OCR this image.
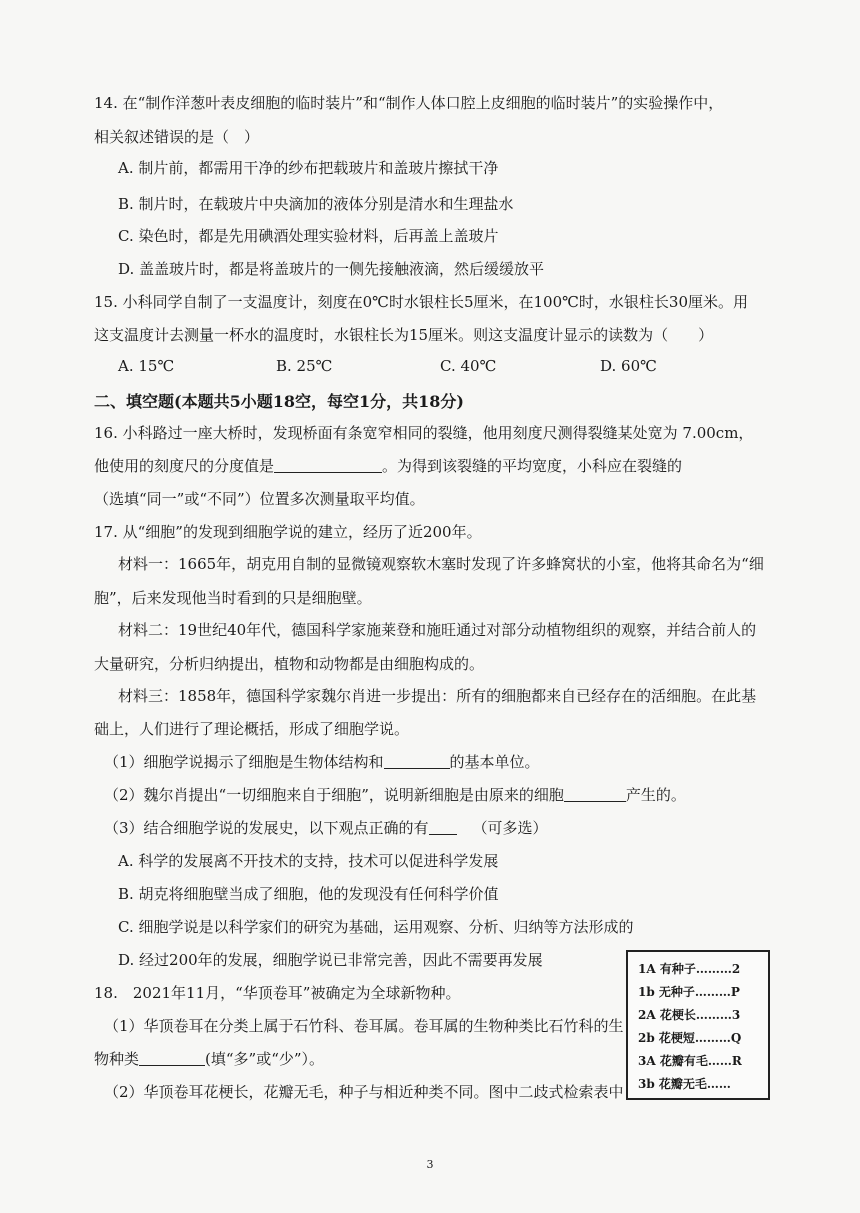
14. 在“制作洋葱叶表皮细胞的临时装片”和“制作人体口腔上皮细胞的临时装片”的实验操作中，
相关叙述错误的是（　）
A. 制片前，都需用干净的纱布把载玻片和盖玻片擦拭干净
B. 制片时，在载玻片中央滴加的液体分别是清水和生理盐水
C. 染色时，都是先用碘酒处理实验材料，后再盖上盖玻片
D. 盖盖玻片时，都是将盖玻片的一侧先接触液滴，然后缓缓放平
15. 小科同学自制了一支温度计，刻度在0℃时水银柱长5厘米，在100℃时，水银柱长30厘米。用
这支温度计去测量一杯水的温度时，水银柱长为15厘米。则这支温度计显示的读数为（　　）
A. 15℃	B. 25℃	C. 40℃	D. 60℃
二、填空题(本题共5小题18空，每空1分，共18分)
16. 小科路过一座大桥时，发现桥面有条宽窄相同的裂缝，他用刻度尺测得裂缝某处宽为 7.00cm，
他使用的刻度尺的分度值是	。为得到该裂缝的平均宽度，小科应在裂缝的
（选填“同一”或“不同”）位置多次测量取平均值。
17. 从“细胞”的发现到细胞学说的建立，经历了近200年。
材料一：1665年，胡克用自制的显微镜观察软木塞时发现了许多蜂窝状的小室，他将其命名为“细
胞”，后来发现他当时看到的只是细胞壁。
材料二：19世纪40年代，德国科学家施莱登和施旺通过对部分动植物组织的观察，并结合前人的
大量研究，分析归纳提出，植物和动物都是由细胞构成的。
材料三：1858年，德国科学家魏尔肖进一步提出：所有的细胞都来自已经存在的活细胞。在此基
础上，人们进行了理论概括，形成了细胞学说。
（1）细胞学说揭示了细胞是生物体结构和	的基本单位。
（2）魏尔肖提出“一切细胞来自于细胞”，说明新细胞是由原来的细胞	产生的。
（3）结合细胞学说的发展史，以下观点正确的有	（可多选）
A. 科学的发展离不开技术的支持，技术可以促进科学发展
B. 胡克将细胞壁当成了细胞，他的发现没有任何科学价值
C. 细胞学说是以科学家们的研究为基础，运用观察、分析、归纳等方法形成的
D. 经过200年的发展，细胞学说已非常完善，因此不需要再发展
18.　2021年11月，“华顶卷耳”被确定为全球新物种。
（1）华顶卷耳在分类上属于石竹科、卷耳属。卷耳属的生物种类比石竹科的生
物种类	(填“多”或“少”）。
（2）华顶卷耳花梗长，花瓣无毛，种子与相近种类不同。图中二歧式检索表中
1A 有种子………2
1b 无种子………P
2A 花梗长………3
2b 花梗短………Q
3A 花瓣有毛……R
3b 花瓣无毛……
3
